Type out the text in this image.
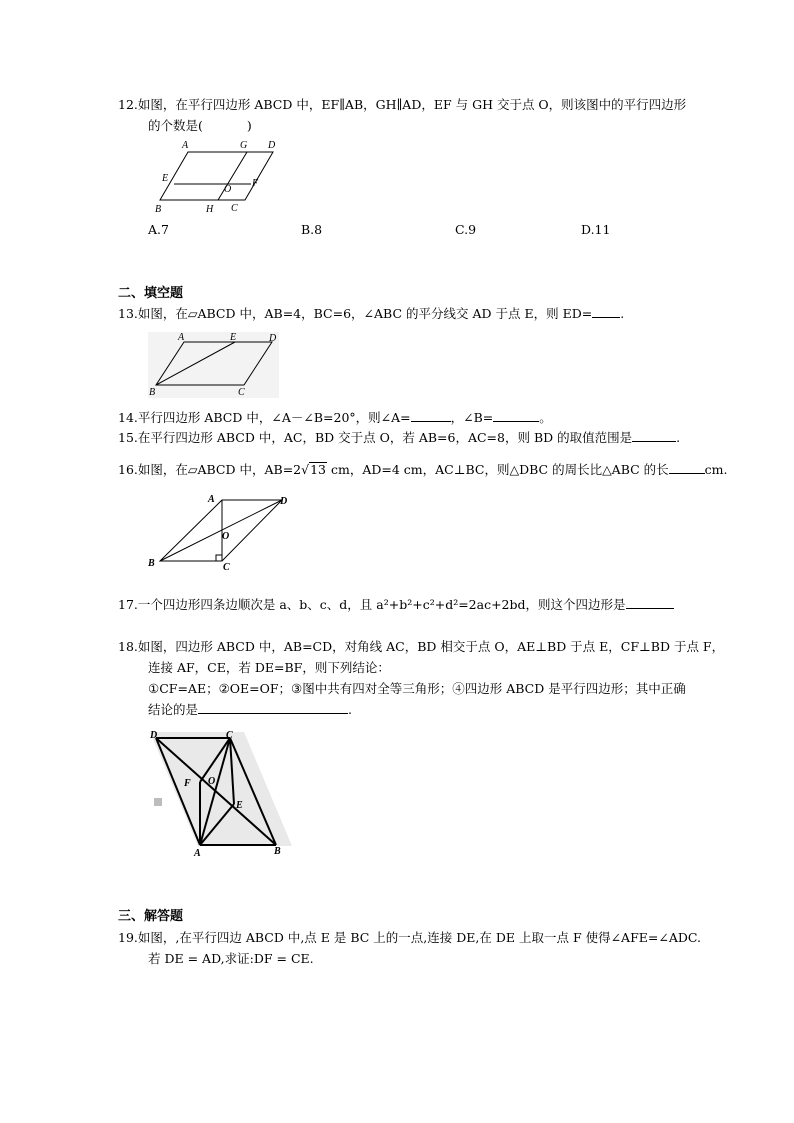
12.如图，在平行四边形 ABCD 中，EF∥AB，GH∥AD，EF 与 GH 交于点 O，则该图中的平行四边形
的个数是(	)
A	G D
E
O
F
B	H C
A.7	B.8	C.9	D.11
二、填空题
13.如图，在▱ABCD 中，AB=4，BC=6，∠ABC 的平分线交 AD 于点 E，则 ED= .
A	E	D
B	C
14.平行四边形 ABCD 中，∠A－∠B=20°，则∠A=	，∠B=	。
15.在平行四边形 ABCD 中，AC，BD 交于点 O，若 AB=6，AC=8，则 BD 的取值范围是	.
16.如图，在▱ABCD 中，AB=2√13 cm，AD=4 cm，AC⊥BC，则△DBC 的周长比△ABC 的长	cm.
A	D
O
B	C
17.一个四边形四条边顺次是 a、b、c、d，且 a²+b²+c²+d²=2ac+2bd，则这个四边形是
18.如图，四边形 ABCD 中，AB=CD，对角线 AC，BD 相交于点 O，AE⊥BD 于点 E，CF⊥BD 于点 F，
连接 AF，CE，若 DE=BF，则下列结论：
①CF=AE；②OE=OF；③图中共有四对全等三角形；④四边形 ABCD 是平行四边形；其中正确
结论的是	.
D	C
F O
E
A	B
三、解答题
19.如图，,在平行四边 ABCD 中,点 E 是 BC 上的一点,连接 DE,在 DE 上取一点 F 使得∠AFE=∠ADC.
若 DE = AD,求证:DF = CE.
